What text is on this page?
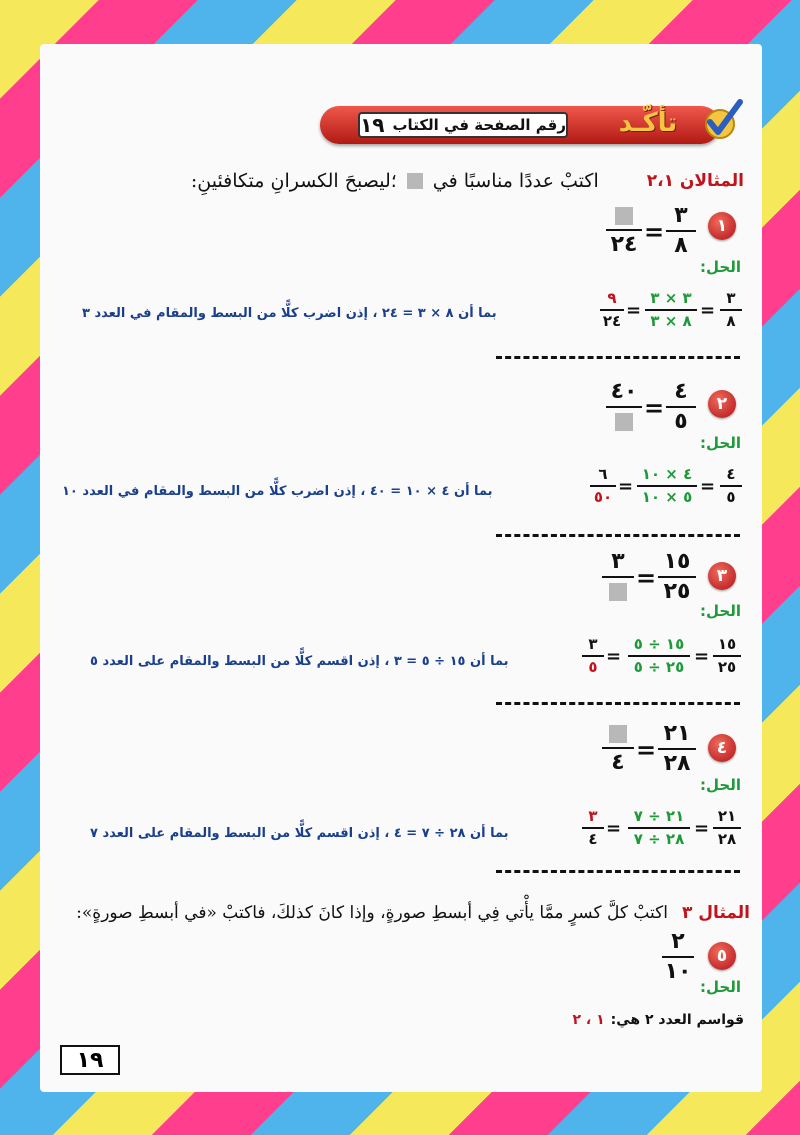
رقم الصفحة في الكتاب
١٩	تأكّـد
المثالان ٢،١
اكتبْ عددًا مناسبًا في
؛ليصبحَ الكسرانِ متكافئينِ:
١
٣
٨
=
٢٤
الحل:
٣
٨
=
٣ × ٣
٨ × ٣
=
٩
٢٤
بما أن ٨ × ٣ = ٢٤ ، إذن اضرب كلًّا من البسط والمقام في العدد ٣
٢
٤
٥
=
٤٠
الحل:
٤
٥
=
٤ × ١٠
٥ × ١٠
=
٦
٥٠
بما أن ٤ × ١٠ = ٤٠ ، إذن اضرب كلًّا من البسط والمقام في العدد ١٠
٣
١٥
٢٥
=
٣
الحل:
١٥
٢٥
=
١٥ ÷ ٥
٢٥ ÷ ٥
=
٣
٥
بما أن ١٥ ÷ ٥ = ٣ ، إذن اقسم كلًّا من البسط والمقام على العدد ٥
٤
٢١
٢٨
=
٤
الحل:
٢١
٢٨
=
٢١ ÷ ٧
٢٨ ÷ ٧
=
٣
٤
بما أن ٢٨ ÷ ٧ = ٤ ، إذن اقسم كلًّا من البسط والمقام على العدد ٧
المثال ٣
اكتبْ كلَّ كسرٍ ممَّا يأْتي فِي أبسطِ صورةٍ، وإذا كانَ كذلكَ، فاكتبْ «في أبسطِ صورةٍ»:
٥
٢
١٠
الحل:
قواسم العدد ٢ هي:
١ ، ٢
١٩
